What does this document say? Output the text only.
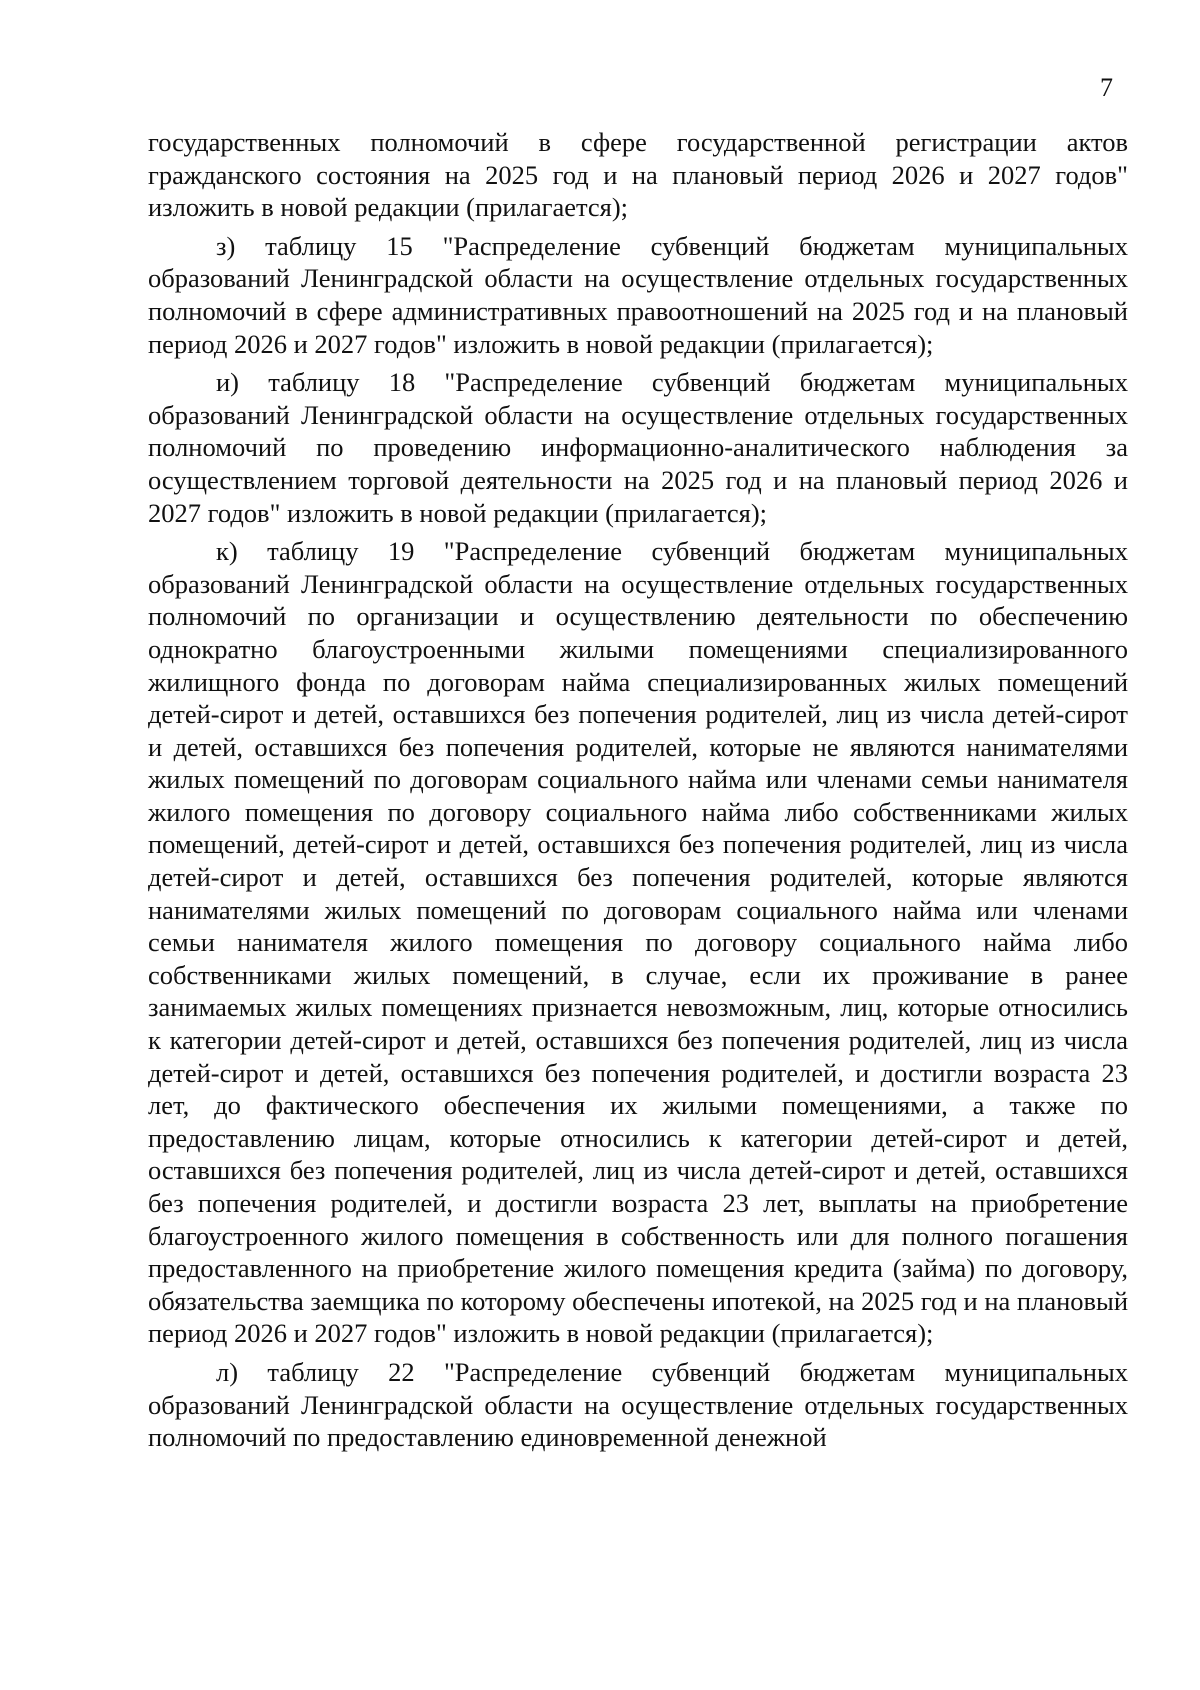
7

государственных полномочий в сфере государственной регистрации актов гражданского состояния на 2025 год и на плановый период 2026 и 2027 годов" изложить в новой редакции (прилагается);

з) таблицу 15 "Распределение субвенций бюджетам муниципальных образований Ленинградской области на осуществление отдельных государственных полномочий в сфере административных правоотношений на 2025 год и на плановый период 2026 и 2027 годов" изложить в новой редакции (прилагается);

и) таблицу 18 "Распределение субвенций бюджетам муниципальных образований Ленинградской области на осуществление отдельных государственных полномочий по проведению информационно-аналитического наблюдения за осуществлением торговой деятельности на 2025 год и на плановый период 2026 и 2027 годов" изложить в новой редакции (прилагается);

к) таблицу 19 "Распределение субвенций бюджетам муниципальных образований Ленинградской области на осуществление отдельных государственных полномочий по организации и осуществлению деятельности по обеспечению однократно благоустроенными жилыми помещениями специализированного жилищного фонда по договорам найма специализированных жилых помещений детей-сирот и детей, оставшихся без попечения родителей, лиц из числа детей-сирот и детей, оставшихся без попечения родителей, которые не являются нанимателями жилых помещений по договорам социального найма или членами семьи нанимателя жилого помещения по договору социального найма либо собственниками жилых помещений, детей-сирот и детей, оставшихся без попечения родителей, лиц из числа детей-сирот и детей, оставшихся без попечения родителей, которые являются нанимателями жилых помещений по договорам социального найма или членами семьи нанимателя жилого помещения по договору социального найма либо собственниками жилых помещений, в случае, если их проживание в ранее занимаемых жилых помещениях признается невозможным, лиц, которые относились к категории детей-сирот и детей, оставшихся без попечения родителей, лиц из числа детей-сирот и детей, оставшихся без попечения родителей, и достигли возраста 23 лет, до фактического обеспечения их жилыми помещениями, а также по предоставлению лицам, которые относились к категории детей-сирот и детей, оставшихся без попечения родителей, лиц из числа детей-сирот и детей, оставшихся без попечения родителей, и достигли возраста 23 лет, выплаты на приобретение благоустроенного жилого помещения в собственность или для полного погашения предоставленного на приобретение жилого помещения кредита (займа) по договору, обязательства заемщика по которому обеспечены ипотекой, на 2025 год и на плановый период 2026 и 2027 годов" изложить в новой редакции (прилагается);

л) таблицу 22 "Распределение субвенций бюджетам муниципальных образований Ленинградской области на осуществление отдельных государственных полномочий по предоставлению единовременной денежной
